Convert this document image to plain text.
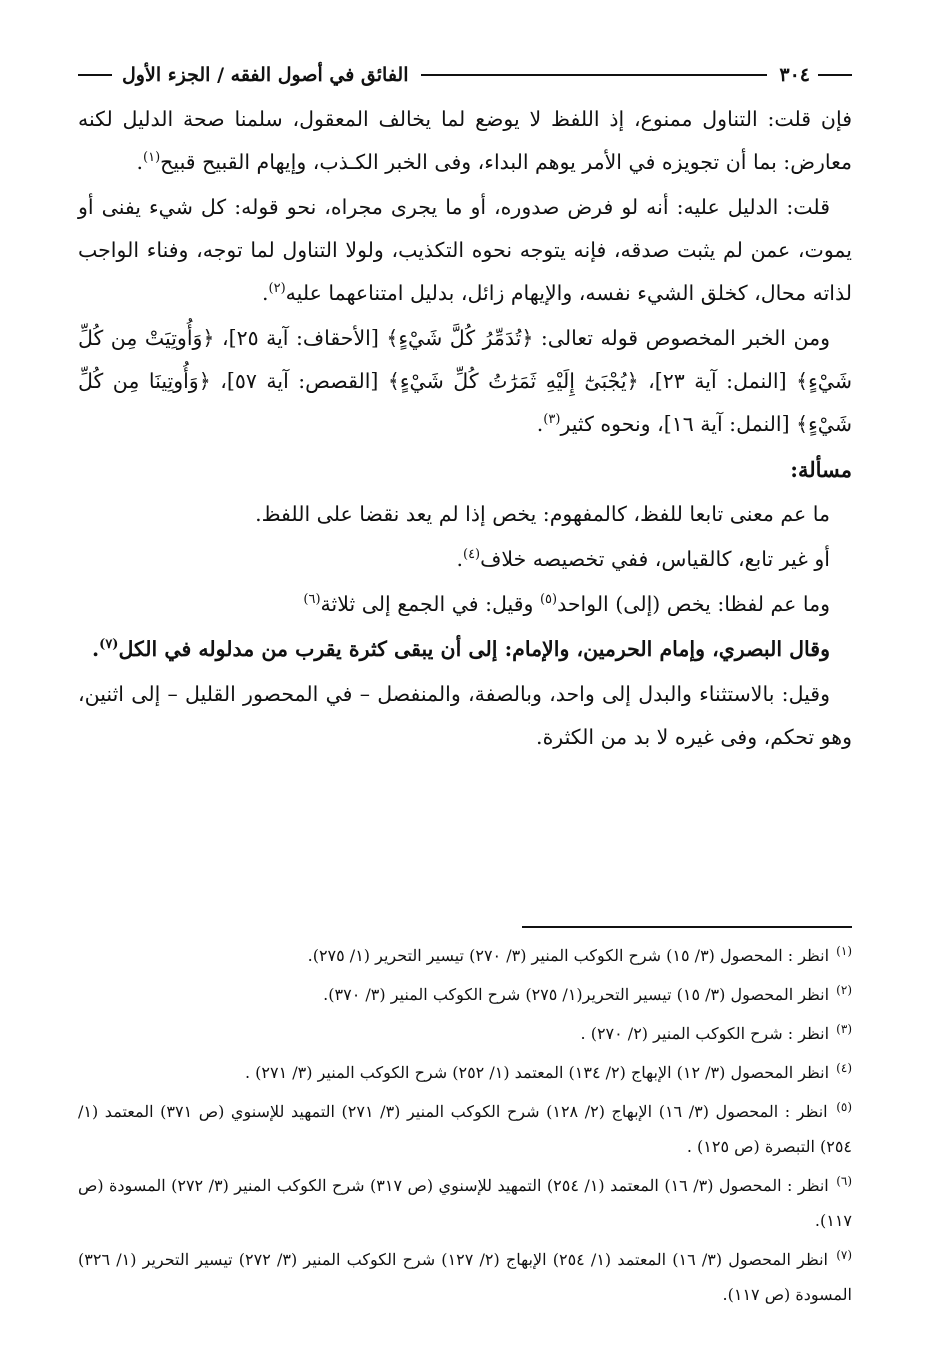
٣٠٤
الفائق في أصول الفقه / الجزء الأول

فإن قلت: التناول ممنوع، إذ اللفظ لا يوضع لما يخالف المعقول، سلمنا صحة الدليل لكنه معارض: بما أن تجويزه في الأمر يوهم البداء، وفى الخبر الكـذب، وإيهام القبيح قبيح$^{(١)}$.

قلت: الدليل عليه: أنه لو فرض صدوره، أو ما يجرى مجراه، نحو قوله: كل شيء يفنى أو يموت، عمن لم يثبت صدقه، فإنه يتوجه نحوه التكذيب، ولولا التناول لما توجه، وفناء الواجب لذاته محال، كخلق الشيء نفسه، والإيهام زائل، بدليل امتناعهما عليه$^{(٢)}$.

ومن الخبر المخصوص قوله تعالى: ﴿تُدَمِّرُ كُلَّ شَيْءٍ﴾ [الأحقاف: آية ٢٥]، ﴿وَأُوتِيَتْ مِن كُلِّ شَيْءٍ﴾ [النمل: آية ٢٣]، ﴿يُجْبَىٰٓ إِلَيْهِ ثَمَرَٰتُ كُلِّ شَيْءٍ﴾ [القصص: آية ٥٧]، ﴿وَأُوتِينَا مِن كُلِّ شَيْءٍ﴾ [النمل: آية ١٦]، ونحوه كثير$^{(٣)}$.

مسألة:

ما عم معنى تابعا للفظ، كالمفهوم: يخص إذا لم يعد نقضا على اللفظ.

أو غير تابع، كالقياس، ففي تخصيصه خلاف$^{(٤)}$.

وما عم لفظا: يخص (إلى) الواحد$^{(٥)}$ وقيل: في الجمع إلى ثلاثة$^{(٦)}$

وقال البصري، وإمام الحرمين، والإمام: إلى أن يبقى كثرة يقرب من مدلوله في الكل$^{(٧)}$.

وقيل: بالاستثناء والبدل إلى واحد، وبالصفة، والمنفصل – في المحصور القليل – إلى اثنين، وهو تحكم، وفى غيره لا بد من الكثرة.

$^{(١)}$ انظر : المحصول (٣/ ١٥) شرح الكوكب المنير (٣/ ٢٧٠) تيسير التحرير (١/ ٢٧٥).

$^{(٢)}$ انظر المحصول (٣/ ١٥) تيسير التحرير(١/ ٢٧٥) شرح الكوكب المنير (٣/ ٣٧٠).

$^{(٣)}$ انظر : شرح الكوكب المنير (٢/ ٢٧٠) .

$^{(٤)}$ انظر المحصول (٣/ ١٢) الإبهاج (٢/ ١٣٤) المعتمد (١/ ٢٥٢) شرح الكوكب المنير (٣/ ٢٧١) .

$^{(٥)}$ انظر : المحصول (٣/ ١٦) الإبهاج (٢/ ١٢٨) شرح الكوكب المنير (٣/ ٢٧١) التمهيد للإسنوي (ص ٣٧١) المعتمد (١/ ٢٥٤) التبصرة (ص ١٢٥) .

$^{(٦)}$ انظر : المحصول (٣/ ١٦) المعتمد (١/ ٢٥٤) التمهيد للإسنوي (ص ٣١٧) شرح الكوكب المنير (٣/ ٢٧٢) المسودة (ص ١١٧).

$^{(٧)}$ انظر المحصول (٣/ ١٦) المعتمد (١/ ٢٥٤) الإبهاج (٢/ ١٢٧) شرح الكوكب المنير (٣/ ٢٧٢) تيسير التحرير (١/ ٣٢٦) المسودة (ص ١١٧).
